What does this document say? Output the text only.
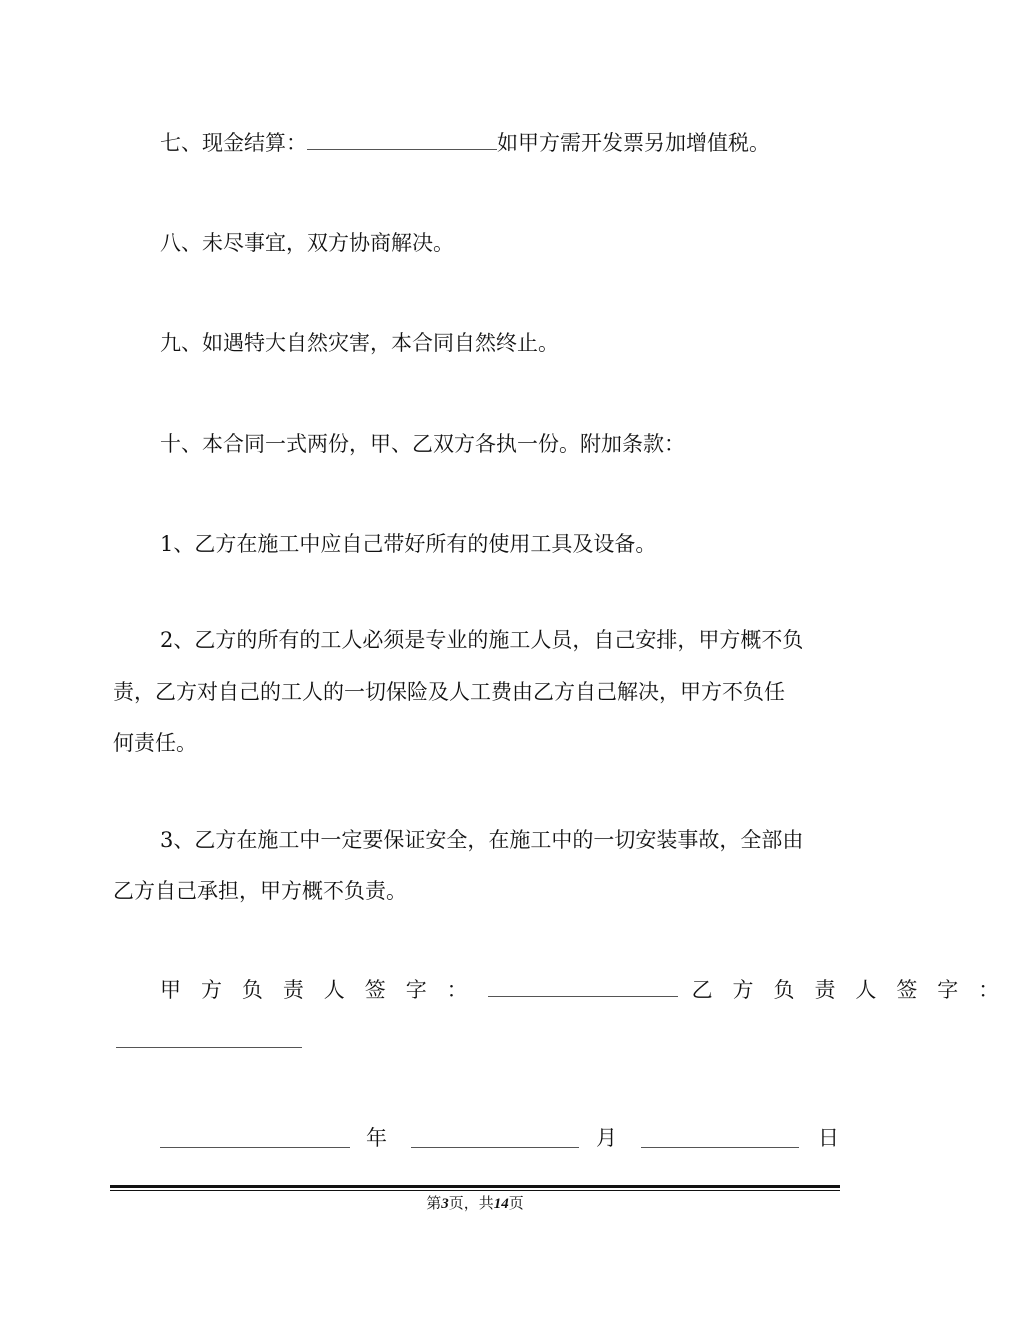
七、现金结算：	如甲方需开发票另加增值税。
八、未尽事宜，双方协商解决。
九、如遇特大自然灾害，本合同自然终止。
十、本合同一式两份，甲、乙双方各执一份。附加条款：
1、乙方在施工中应自己带好所有的使用工具及设备。
2、乙方的所有的工人必须是专业的施工人员，自己安排，甲方概不负
责，乙方对自己的工人的一切保险及人工费由乙方自己解决，甲方不负任
何责任。
3、乙方在施工中一定要保证安全，在施工中的一切安装事故，全部由
乙方自己承担，甲方概不负责。
甲方负责人签字：	乙方负责人签字：
年	月	日
第3页，共14页
